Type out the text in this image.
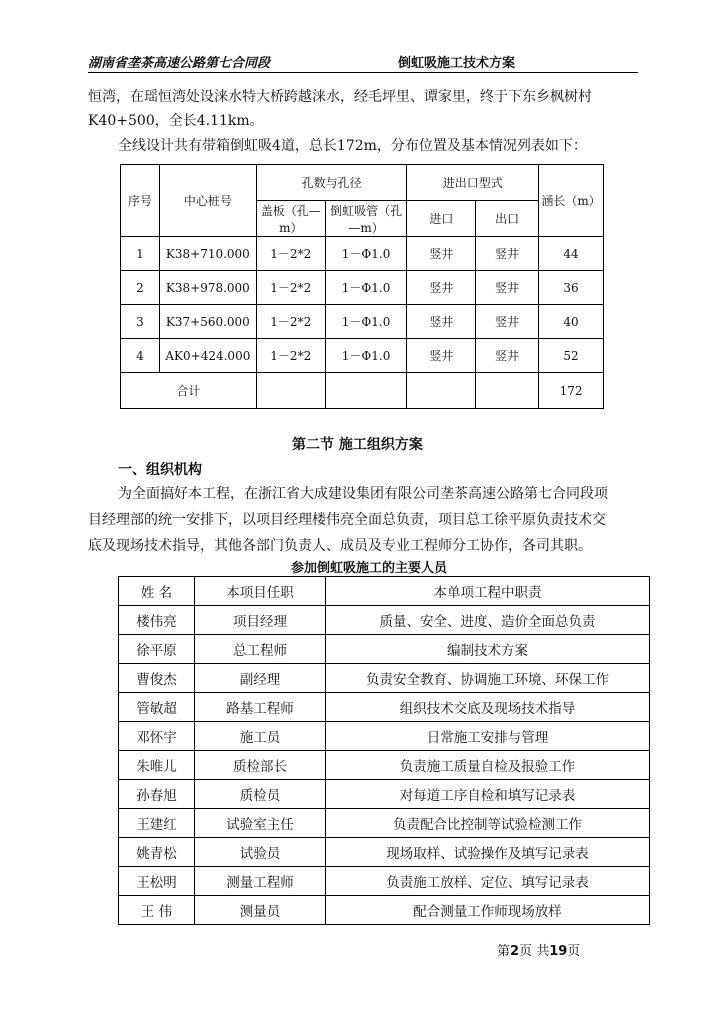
湖南省垄茶高速公路第七合同段	倒虹吸施工技术方案
恒湾，在瑶恒湾处设涞水特大桥跨越涞水，经毛坪里、谭家里，终于下东乡枫树村
K40+500，全长4.11km。
全线设计共有带箱倒虹吸4道，总长172m，分布位置及基本情况列表如下：
序号	中心桩号	孔数与孔径		进出口型式		涵长（m）
		盖板（孔—m）	倒虹吸管（孔—m）	进口	出口	
1	K38+710.000	1－2*2	1－Φ1.0	竖井	竖井	44
2	K38+978.000	1－2*2	1－Φ1.0	竖井	竖井	36
3	K37+560.000	1－2*2	1－Φ1.0	竖井	竖井	40
4	AK0+424.000	1－2*2	1－Φ1.0	竖井	竖井	52
合计						172
第二节 施工组织方案
一、组织机构
为全面搞好本工程，在浙江省大成建设集团有限公司垄茶高速公路第七合同段项
目经理部的统一安排下，以项目经理楼伟亮全面总负责，项目总工徐平原负责技术交
底及现场技术指导，其他各部门负责人、成员及专业工程师分工协作，各司其职。
参加倒虹吸施工的主要人员
姓 名	本项目任职	本单项工程中职责
楼伟亮	项目经理	质量、安全、进度、造价全面总负责
徐平原	总工程师	编制技术方案
曹俊杰	副经理	负责安全教育、协调施工环境、环保工作
管敏超	路基工程师	组织技术交底及现场技术指导
邓怀宇	施工员	日常施工安排与管理
朱唯儿	质检部长	负责施工质量自检及报验工作
孙春旭	质检员	对每道工序自检和填写记录表
王建红	试验室主任	负责配合比控制等试验检测工作
姚青松	试验员	现场取样、试验操作及填写记录表
王松明	测量工程师	负责施工放样、定位、填写记录表
王 伟	测量员	配合测量工作师现场放样
第2页 共19页
